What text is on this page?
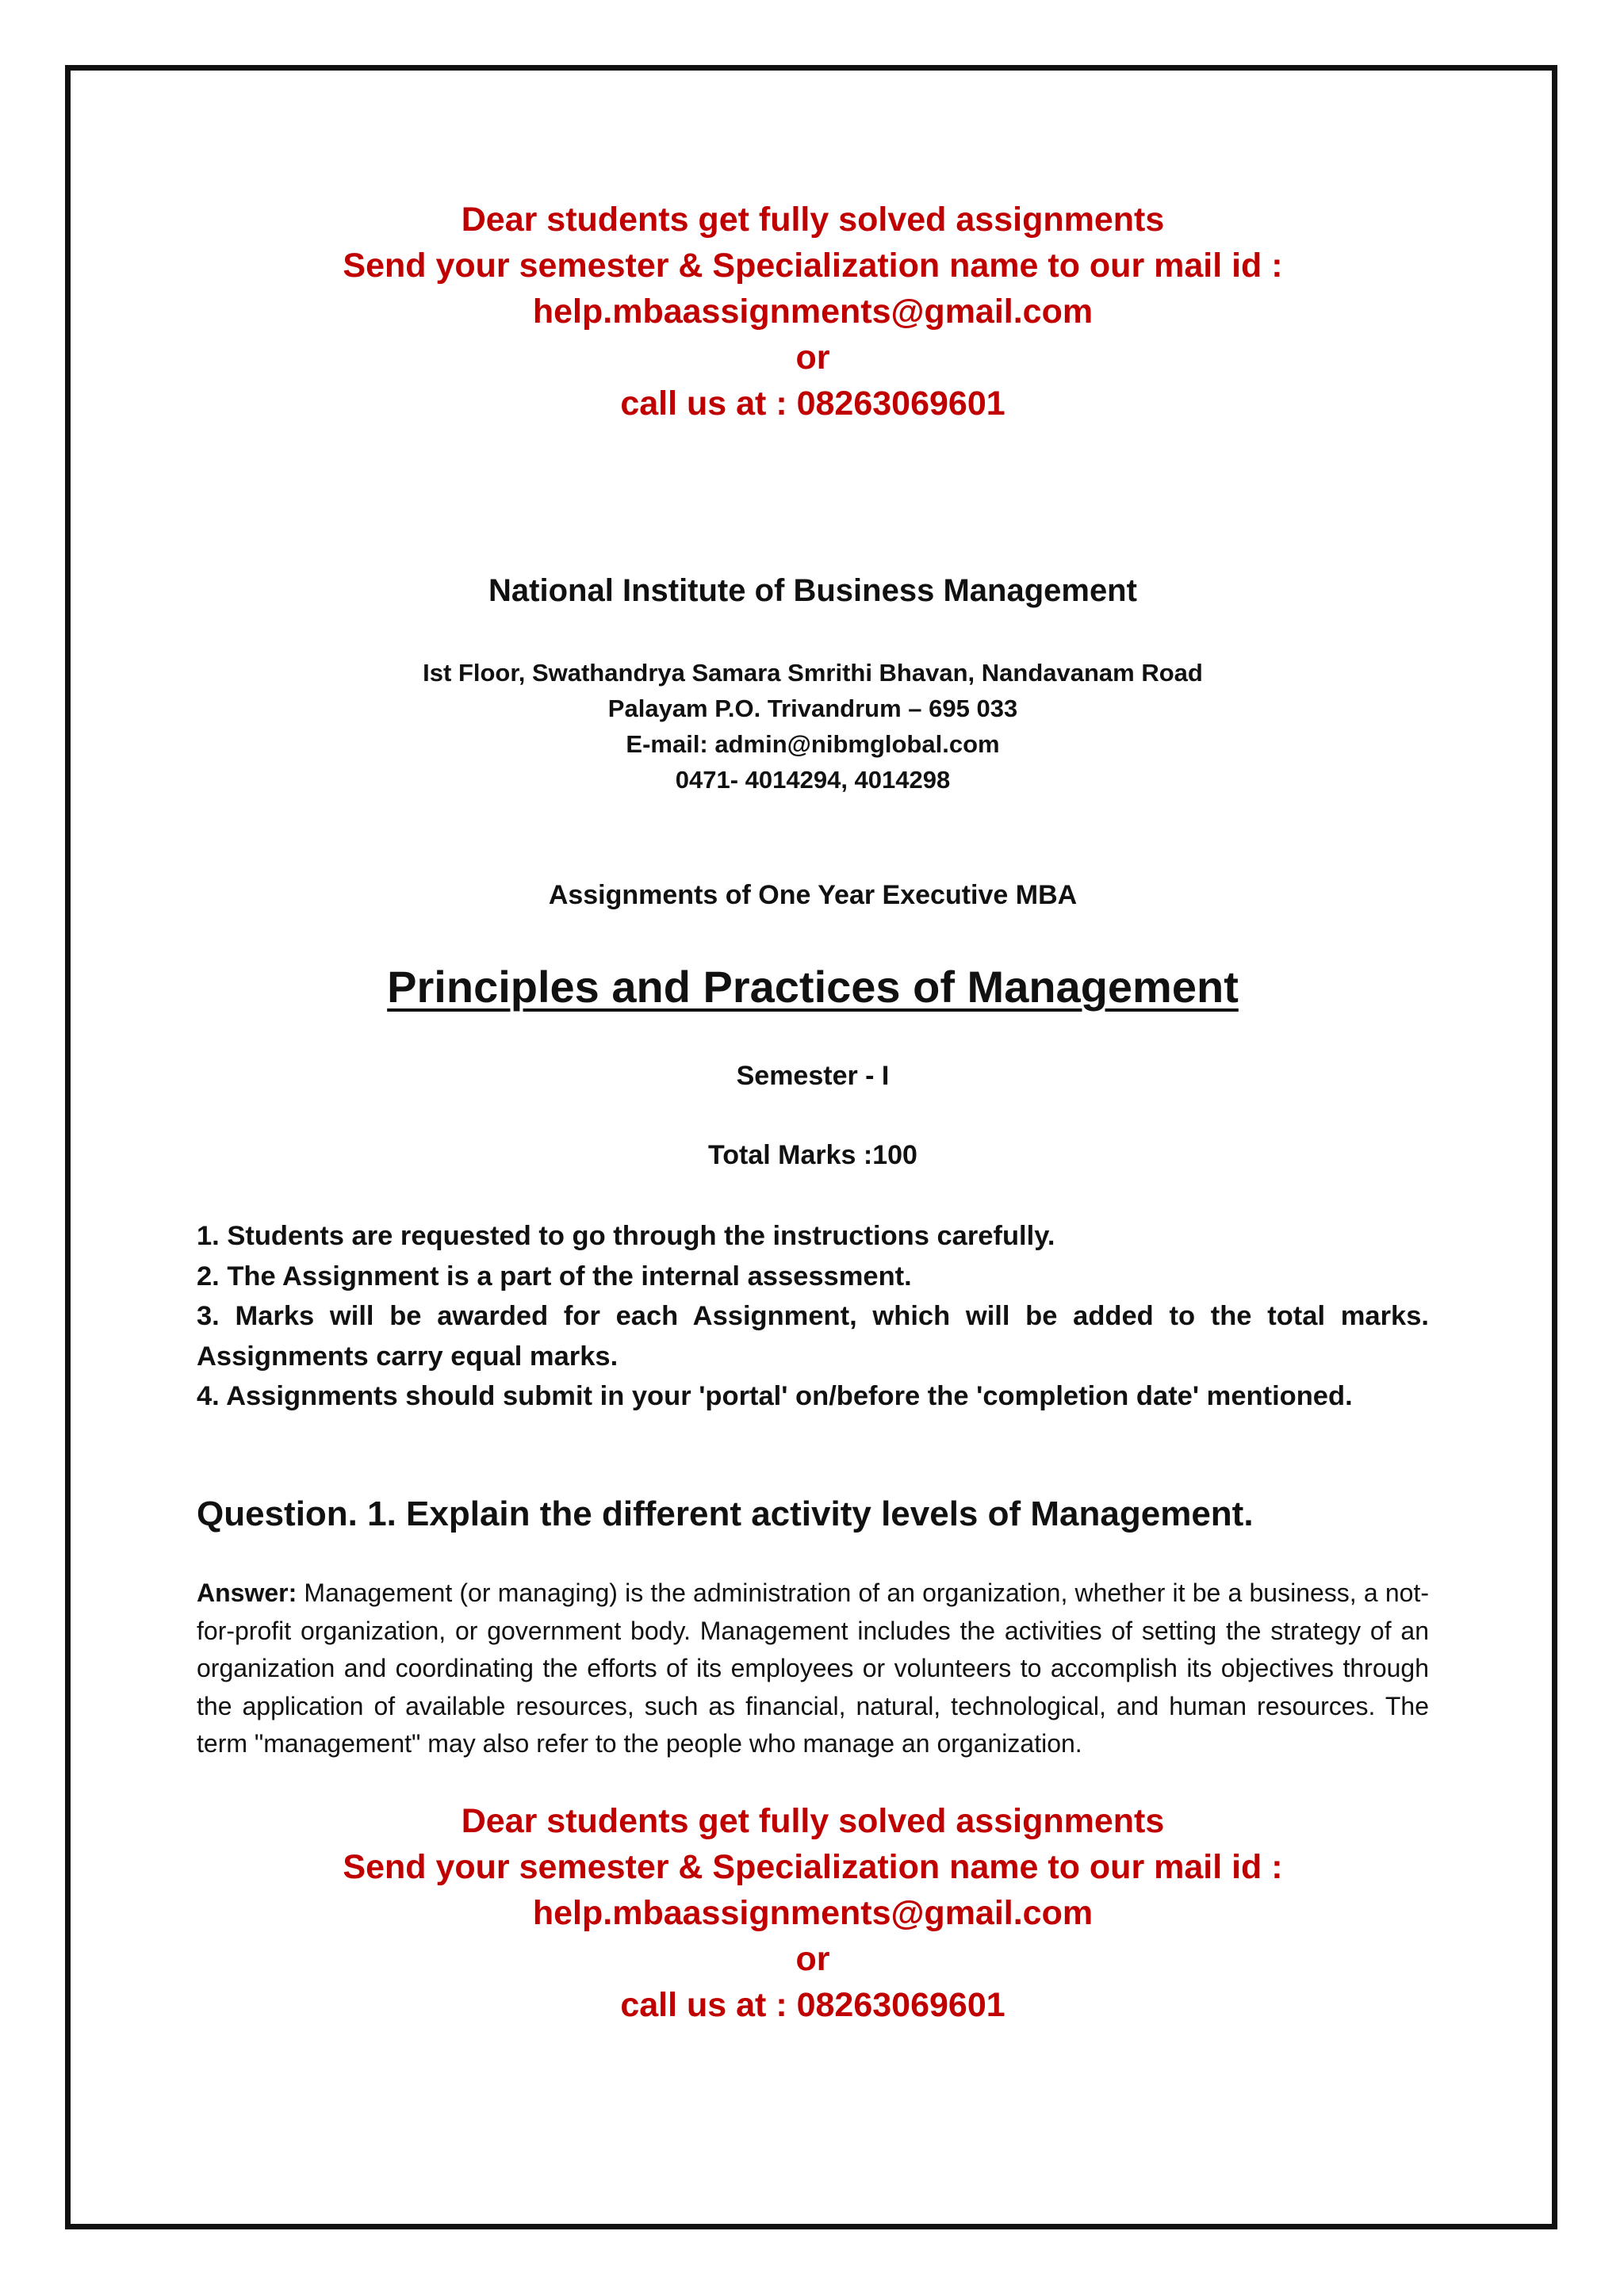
Dear students get fully solved assignments
Send your semester & Specialization name to our mail id :
help.mbaassignments@gmail.com
or
call us at : 08263069601
National Institute of Business Management
Ist Floor, Swathandrya Samara Smrithi Bhavan, Nandavanam Road
Palayam P.O. Trivandrum – 695 033
E-mail: admin@nibmglobal.com
0471- 4014294, 4014298
Assignments of One Year Executive MBA
Principles and Practices of Management
Semester - I
Total Marks :100
1. Students are requested to go through the instructions carefully.
2. The Assignment is a part of the internal assessment.
3. Marks will be awarded for each Assignment, which will be added to the total marks. Assignments carry equal marks.
4. Assignments should submit in your 'portal' on/before the 'completion date' mentioned.
Question. 1. Explain the different activity levels of Management.
Answer: Management (or managing) is the administration of an organization, whether it be a business, a not-for-profit organization, or government body. Management includes the activities of setting the strategy of an organization and coordinating the efforts of its employees or volunteers to accomplish its objectives through the application of available resources, such as financial, natural, technological, and human resources. The term "management" may also refer to the people who manage an organization.
Dear students get fully solved assignments
Send your semester & Specialization name to our mail id :
help.mbaassignments@gmail.com
or
call us at : 08263069601
